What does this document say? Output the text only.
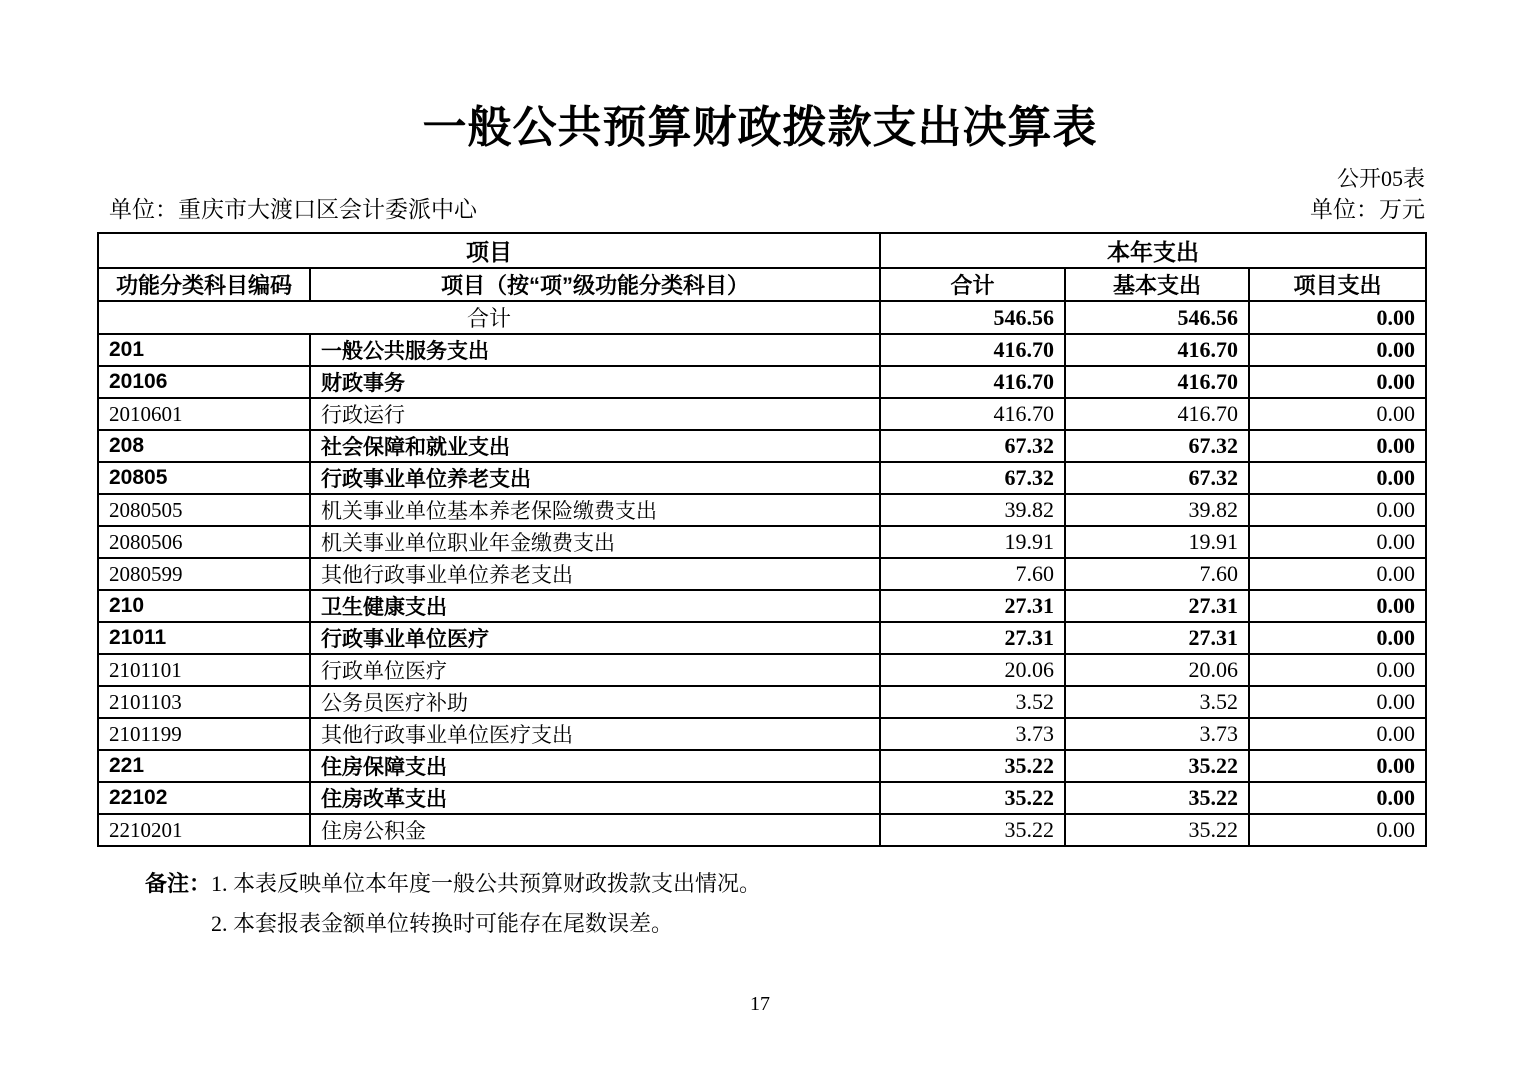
一般公共预算财政拨款支出决算表
公开05表
单位：重庆市大渡口区会计委派中心	单位：万元
项目		本年支出		
功能分类科目编码	项目（按“项”级功能分类科目）	合计	基本支出	项目支出
合计		546.56	546.56	0.00
201	一般公共服务支出	416.70	416.70	0.00
20106	财政事务	416.70	416.70	0.00
2010601	行政运行	416.70	416.70	0.00
208	社会保障和就业支出	67.32	67.32	0.00
20805	行政事业单位养老支出	67.32	67.32	0.00
2080505	机关事业单位基本养老保险缴费支出	39.82	39.82	0.00
2080506	机关事业单位职业年金缴费支出	19.91	19.91	0.00
2080599	其他行政事业单位养老支出	7.60	7.60	0.00
210	卫生健康支出	27.31	27.31	0.00
21011	行政事业单位医疗	27.31	27.31	0.00
2101101	行政单位医疗	20.06	20.06	0.00
2101103	公务员医疗补助	3.52	3.52	0.00
2101199	其他行政事业单位医疗支出	3.73	3.73	0.00
221	住房保障支出	35.22	35.22	0.00
22102	住房改革支出	35.22	35.22	0.00
2210201	住房公积金	35.22	35.22	0.00
备注： 1. 本表反映单位本年度一般公共预算财政拨款支出情况。
2. 本套报表金额单位转换时可能存在尾数误差。
17
